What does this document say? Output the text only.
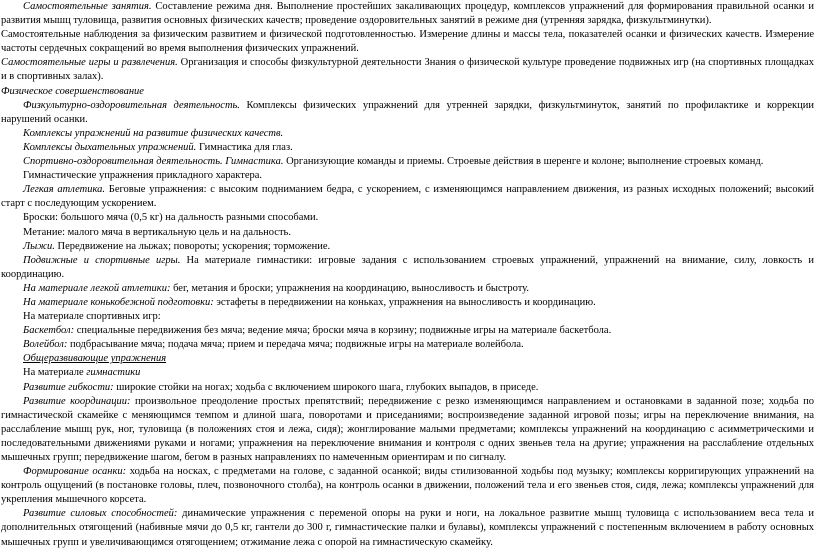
Самостоятельные занятия. Составление режима дня. Выполнение простейших закаливающих процедур, комплексов упражнений для формирования правильной осанки и развития мышц туловища, развития основных физических качеств; проведение оздоровительных занятий в режиме дня (утренняя зарядка, физкультминутки).

Самостоятельные наблюдения за физическим развитием и физической подготовленностью. Измерение длины и массы тела, показателей осанки и физических качеств. Измерение частоты сердечных сокращений во время выполнения физических упражнений.

Самостоятельные игры и развлечения. Организация и способы физкультурной деятельности Знания о физической культуре проведение подвижных игр (на спортивных площадках и в спортивных залах).

Физическое совершенствование

Физкультурно-оздоровительная деятельность. Комплексы физических упражнений для утренней зарядки, физкультминуток, занятий по профилактике и коррекции нарушений осанки.

Комплексы упражнений на развитие физических качеств.

Комплексы дыхательных упражнений. Гимнастика для глаз.

Спортивно-оздоровительная деятельность. Гимнастика. Организующие команды и приемы. Строевые действия в шеренге и колоне; выполнение строевых команд.

Гимнастические упражнения прикладного характера.

Легкая атлетика. Беговые упражнения: с высоким подниманием бедра, с ускорением, с изменяющимся направлением движения, из разных исходных положений; высокий старт с последующим ускорением.

Броски: большого мяча (0,5 кг) на дальность разными способами.

Метание: малого мяча в вертикальную цель и на дальность.

Лыжи. Передвижение на лыжах; повороты; ускорения; торможение.

Подвижные и спортивные игры. На материале гимнастики: игровые задания с использованием строевых упражнений, упражнений на внимание, силу, ловкость и координацию.

На материале легкой атлетики: бег, метания и броски; упражнения на координацию, выносливость и быстроту.

На материале конькобежной подготовки: эстафеты в передвижении на коньках, упражнения на выносливость и координацию.

На материале спортивных игр:

Баскетбол: специальные передвижения без мяча; ведение мяча; броски мяча в корзину; подвижные игры на материале баскетбола.

Волейбол: подбрасывание мяча; подача мяча; прием и передача мяча; подвижные игры на материале волейбола.

Общеразвивающие упражнения

На материале гимнастики

Развитие гибкости: широкие стойки на ногах; ходьба с включением широкого шага, глубоких выпадов, в приседе.

Развитие координации: произвольное преодоление простых препятствий; передвижение с резко изменяющимся направлением и остановками в заданной позе; ходьба по гимнастической скамейке с меняющимся темпом и длиной шага, поворотами и приседаниями; воспроизведение заданной игровой позы; игры на переключение внимания, на расслабление мышц рук, ног, туловища (в положениях стоя и лежа, сидя); жонглирование малыми предметами; комплексы упражнений на координацию с асимметрическими и последовательными движениями руками и ногами; упражнения на переключение внимания и контроля с одних звеньев тела на другие; упражнения на расслабление отдельных мышечных групп; передвижение шагом, бегом в разных направлениях по намеченным ориентирам и по сигналу.

Формирование осанки: ходьба на носках, с предметами на голове, с заданной осанкой; виды стилизованной ходьбы под музыку; комплексы корригирующих упражнений на контроль ощущений (в постановке головы, плеч, позвоночного столба), на контроль осанки в движении, положений тела и его звеньев стоя, сидя, лежа; комплексы упражнений для укрепления мышечного корсета.

Развитие силовых способностей: динамические упражнения с переменой опоры на руки и ноги, на локальное развитие мышц туловища с использованием веса тела и дополнительных отягощений (набивные мячи до 0,5 кг, гантели до 300 г, гимнастические палки и булавы), комплексы упражнений с постепенным включением в работу основных мышечных групп и увеличивающимся отягощением; отжимание лежа с опорой на гимнастическую скамейку.
